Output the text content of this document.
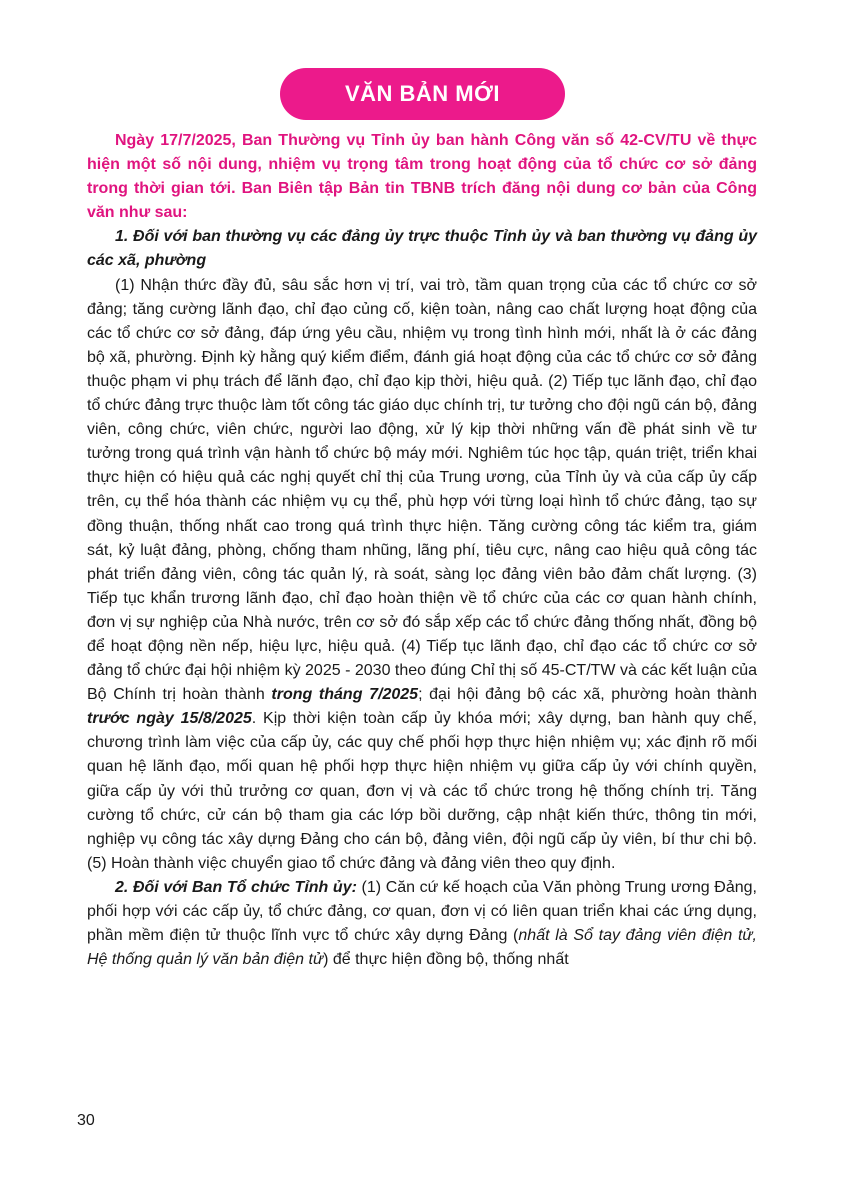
VĂN BẢN MỚI

Ngày 17/7/2025, Ban Thường vụ Tỉnh ủy ban hành Công văn số 42-CV/TU về thực hiện một số nội dung, nhiệm vụ trọng tâm trong hoạt động của tổ chức cơ sở đảng trong thời gian tới. Ban Biên tập Bản tin TBNB trích đăng nội dung cơ bản của Công văn như sau:

1. Đối với ban thường vụ các đảng ủy trực thuộc Tỉnh ủy và ban thường vụ đảng ủy các xã, phường

(1) Nhận thức đầy đủ, sâu sắc hơn vị trí, vai trò, tầm quan trọng của các tổ chức cơ sở đảng; tăng cường lãnh đạo, chỉ đạo củng cố, kiện toàn, nâng cao chất lượng hoạt động của các tổ chức cơ sở đảng, đáp ứng yêu cầu, nhiệm vụ trong tình hình mới, nhất là ở các đảng bộ xã, phường. Định kỳ hằng quý kiểm điểm, đánh giá hoạt động của các tổ chức cơ sở đảng thuộc phạm vi phụ trách để lãnh đạo, chỉ đạo kịp thời, hiệu quả. (2) Tiếp tục lãnh đạo, chỉ đạo tổ chức đảng trực thuộc làm tốt công tác giáo dục chính trị, tư tưởng cho đội ngũ cán bộ, đảng viên, công chức, viên chức, người lao động, xử lý kịp thời những vấn đề phát sinh về tư tưởng trong quá trình vận hành tổ chức bộ máy mới. Nghiêm túc học tập, quán triệt, triển khai thực hiện có hiệu quả các nghị quyết chỉ thị của Trung ương, của Tỉnh ủy và của cấp ủy cấp trên, cụ thể hóa thành các nhiệm vụ cụ thể, phù hợp với từng loại hình tổ chức đảng, tạo sự đồng thuận, thống nhất cao trong quá trình thực hiện. Tăng cường công tác kiểm tra, giám sát, kỷ luật đảng, phòng, chống tham nhũng, lãng phí, tiêu cực, nâng cao hiệu quả công tác phát triển đảng viên, công tác quản lý, rà soát, sàng lọc đảng viên bảo đảm chất lượng. (3) Tiếp tục khẩn trương lãnh đạo, chỉ đạo hoàn thiện về tổ chức của các cơ quan hành chính, đơn vị sự nghiệp của Nhà nước, trên cơ sở đó sắp xếp các tổ chức đảng thống nhất, đồng bộ để hoạt động nền nếp, hiệu lực, hiệu quả. (4) Tiếp tục lãnh đạo, chỉ đạo các tổ chức cơ sở đảng tổ chức đại hội nhiệm kỳ 2025 - 2030 theo đúng Chỉ thị số 45-CT/TW và các kết luận của Bộ Chính trị hoàn thành trong tháng 7/2025; đại hội đảng bộ các xã, phường hoàn thành trước ngày 15/8/2025. Kịp thời kiện toàn cấp ủy khóa mới; xây dựng, ban hành quy chế, chương trình làm việc của cấp ủy, các quy chế phối hợp thực hiện nhiệm vụ; xác định rõ mối quan hệ lãnh đạo, mối quan hệ phối hợp thực hiện nhiệm vụ giữa cấp ủy với chính quyền, giữa cấp ủy với thủ trưởng cơ quan, đơn vị và các tổ chức trong hệ thống chính trị. Tăng cường tổ chức, cử cán bộ tham gia các lớp bồi dưỡng, cập nhật kiến thức, thông tin mới, nghiệp vụ công tác xây dựng Đảng cho cán bộ, đảng viên, đội ngũ cấp ủy viên, bí thư chi bộ. (5) Hoàn thành việc chuyển giao tổ chức đảng và đảng viên theo quy định.

2. Đối với Ban Tổ chức Tỉnh ủy: (1) Căn cứ kế hoạch của Văn phòng Trung ương Đảng, phối hợp với các cấp ủy, tổ chức đảng, cơ quan, đơn vị có liên quan triển khai các ứng dụng, phần mềm điện tử thuộc lĩnh vực tổ chức xây dựng Đảng (nhất là Sổ tay đảng viên điện tử, Hệ thống quản lý văn bản điện tử) để thực hiện đồng bộ, thống nhất

30
